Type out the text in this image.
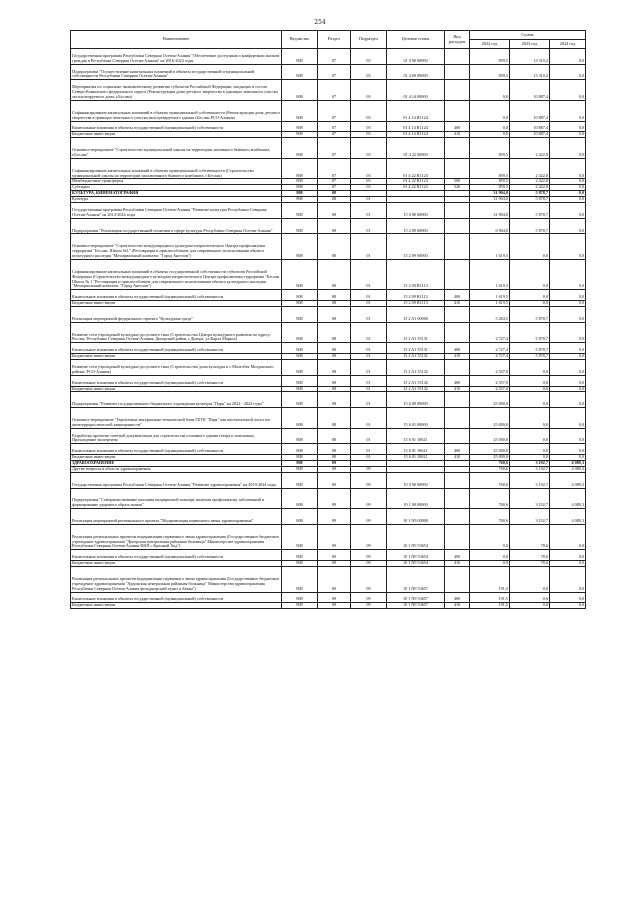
254
Наименование	Ведомство	Раздел	Подраздел	Целевая статья	Вид расходов	Сумма		
						2022 год	2023 год	2024 год
Государственная программа Республики Северная Осетия-Алания "Обеспечение доступным и комфортным жильем граждан в Республике Северная Осетия-Алания" на 2016-2024 годы	808	07	03	01 0 00 00000		859,5	13 310,2	0,0
Подпрограмма "Осуществление капитальных вложений в объекты государственной и муниципальной собственности Республики Северная Осетия-Алания"	808	07	03	01 4 00 00000		859,5	13 310,2	0,0
Мероприятия по социально-экономическому развитию субъектов Российской Федерации, входящих в состав Северо-Кавказского федерального округа (Реконструкция дома детского творчества в границах земельного участка эксплуатируемого дома, г.Беслан)	808	07	03	01 4 14 00000		0,0	10 887,4	0,0
Софинансирование капитальных вложений в объекты муниципальной собственности (Реконструкция дома детского творчества в границах земельного участка эксплуатируемого здания г.Беслан РСО-Алания)	808	07	03	01 4 14 R1124		0,0	10 887,4	0,0
Капитальные вложения в объекты государственной (муниципальной) собственности	808	07	03	01 4 14 R1124	400	0,0	10 887,4	0,0
Бюджетные инвестиции	808	07	03	01 4 14 R1124	410	0,0	10 887,4	0,0
Основное мероприятие "Строительство муниципальной школы на территории заплавного бывшего комбината, г.Беслан"	808	07	03	01 4 22 00000		859,5	2 422,8	0,0
Софинансирование капитальных вложений в объекты муниципальной собственности (Строительство муниципальной школы на территории заплавленного бывшего комбината, г.Беслан)	808	07	03	01 4 22 R1123		859,5	2 422,8	0,0
Межбюджетные трансферты	808	07	03	01 4 22 R1123	500	859,5	2 422,8	0,0
Субсидии	808	07	03	01 4 22 R1123	520	859,5	2 422,8	0,0
КУЛЬТУРА, КИНЕМАТОГРАФИЯ	808	08				31 904,0	5 878,7	0,0
Культура	808	08	01			31 904,0	5 878,7	0,0
Государственная программа Республики Северная Осетия-Алания "Развитие культуры Республики Северная Осетия-Алания" на 2014-2024 годы	808	08	01	15 0 00 00000		31 904,0	5 878,7	0,0
Подпрограмма "Реализация государственной политики в сфере культуры Республики Северная Осетия-Алания"	808	08	01	15 2 00 00000		6 904,0	5 878,7	0,0
Основное мероприятие "Строительство международного культурно-патриотического Центра профилактики терроризма "Беслан. Школа №1" (Реставрация и приспособление для современного использования объекта культурного наследия "Мемориальный комплекс "Город Ангелов")	808	08	01	15 2 09 00000		1 619,5	0,0	0,0
Софинансирование капитальных вложений в объекты государственной собственности субъектов Российской Федерации (Строительство международного культурно-патриотического Центра профилактики терроризма "Беслан Школа № 1 "Реставрация и приспособление для современного использования объекта культурного наследия "Мемориальный комплекс "Город Ангелов")	808	08	01	15 2 09 R1113		1 619,5	0,0	0,0
Капитальные вложения в объекты государственной (муниципальной) собственности	808	08	01	15 2 09 R1113	400	1 619,5	0,0	0,0
Бюджетные инвестиции	808	08	01	15 2 09 R1113	410	1 619,5	0,0	0,0
Реализация мероприятий федерального проекта "Культурная среда"	808	08	01	15 2 A1 00000		5 284,5	5 878,7	0,0
Развитие сети учреждений культурно-досугового типа (Строительство Центра культурного развития по адресу: Россия, Республика Северная Осетия-Алания, Дигорский район, г.Дигора, ул.Карла Маркса)	808	08	01	15 2 A1 55131		2 727,4	5 878,7	0,0
Капитальные вложения в объекты государственной (муниципальной) собственности	808	08	01	15 2 A1 55131	400	2 727,4	5 878,7	0,0
Бюджетные инвестиции	808	08	01	15 2 A1 55131	410	2 727,4	5 878,7	0,0
Развитие сети учреждений культурно-досугового типа (Строительство дома культуры в с.Малгобек Моздокского района, РСО-Алания)	808	08	01	15 2 A1 55132		2 557,0	0,0	0,0
Капитальные вложения в объекты государственной (муниципальной) собственности	808	08	01	15 2 A1 55132	400	2 557,0	0,0	0,0
Бюджетные инвестиции	808	08	01	15 2 A1 55132	410	2 557,0	0,0	0,0
Подпрограмма "Развитие государственного бюджетного учреждения культуры "Парк" на 2022 - 2024 годы"	808	08	01	15 6 00 00000		25 000,0	0,0	0,0
Основное мероприятие "Укрепление материально-технической базы ГБУК "Парк" как неотъемлемой части его антитеррористической защищенности"	808	08	01	15 6 01 00000		25 000,0	0,0	0,0
Разработка проектно-сметной документации для строительства основного здания театра и поисковых. Прохождение экспертизы	808	08	01	15 6 01 10621		25 000,0	0,0	0,0
Капитальные вложения в объекты государственной (муниципальной) собственности	808	08	01	15 6 01 10621	400	25 000,0	0,0	0,0
Бюджетные инвестиции	808	08	01	15 6 01 10621	410	25 000,0	0,0	0,0
ЗДРАВООХРАНЕНИЕ	808	09				760,6	3 192,7	4 089,3
Другие вопросы в области здравоохранения	808	09	09			760,6	3 192,7	4 089,3
Государственная программа Республики Северная Осетия-Алания "Развитие здравоохранения" на 2019-2024 годы	808	09	09	10 0 00 00000		760,6	3 192,7	4 089,3
Подпрограмма "Совершенствование оказания медицинской помощи, включая профилактику заболеваний и формирование здорового образа жизни"	808	09	09	10 1 00 00000		760,6	3 192,7	4 089,3
Реализация мероприятий регионального проекта "Модернизация первичного звена здравоохранения"	808	09	09	10 1 N9 00000		760,6	3 192,7	4 089,3
Реализация региональных проектов модернизации первичного звена здравоохранения (Государственное бюджетное учреждение здравоохранения "Дигорская центральная районная больница" Министерства здравоохранения Республики Северная Осетия-Алания ФАП с.Красный Ход")	808	09	09	10 1 N9 53654		0,0	78,6	0,0
Капитальные вложения в объекты государственной (муниципальной) собственности	808	09	09	10 1 N9 53654	400	0,0	78,6	0,0
Бюджетные инвестиции	808	09	09	10 1 N9 53654	410	0,0	78,6	0,0
Реализация региональных проектов модернизации первичного звена здравоохранения (Государственное бюджетное учреждение здравоохранения "Ардонская центральная районная больница" Министерства здравоохранения Республики Северная Осетия-Алания фельдшерский пункт п.Бекан")	808	09	09	10 1 N9 53657		191,5	0,0	0,0
Капитальные вложения в объекты государственной (муниципальной) собственности	808	09	09	10 1 N9 53657	400	191,5	0,0	0,0
Бюджетные инвестиции	808	09	09	10 1 N9 53657	410	191,5	0,0	0,0
